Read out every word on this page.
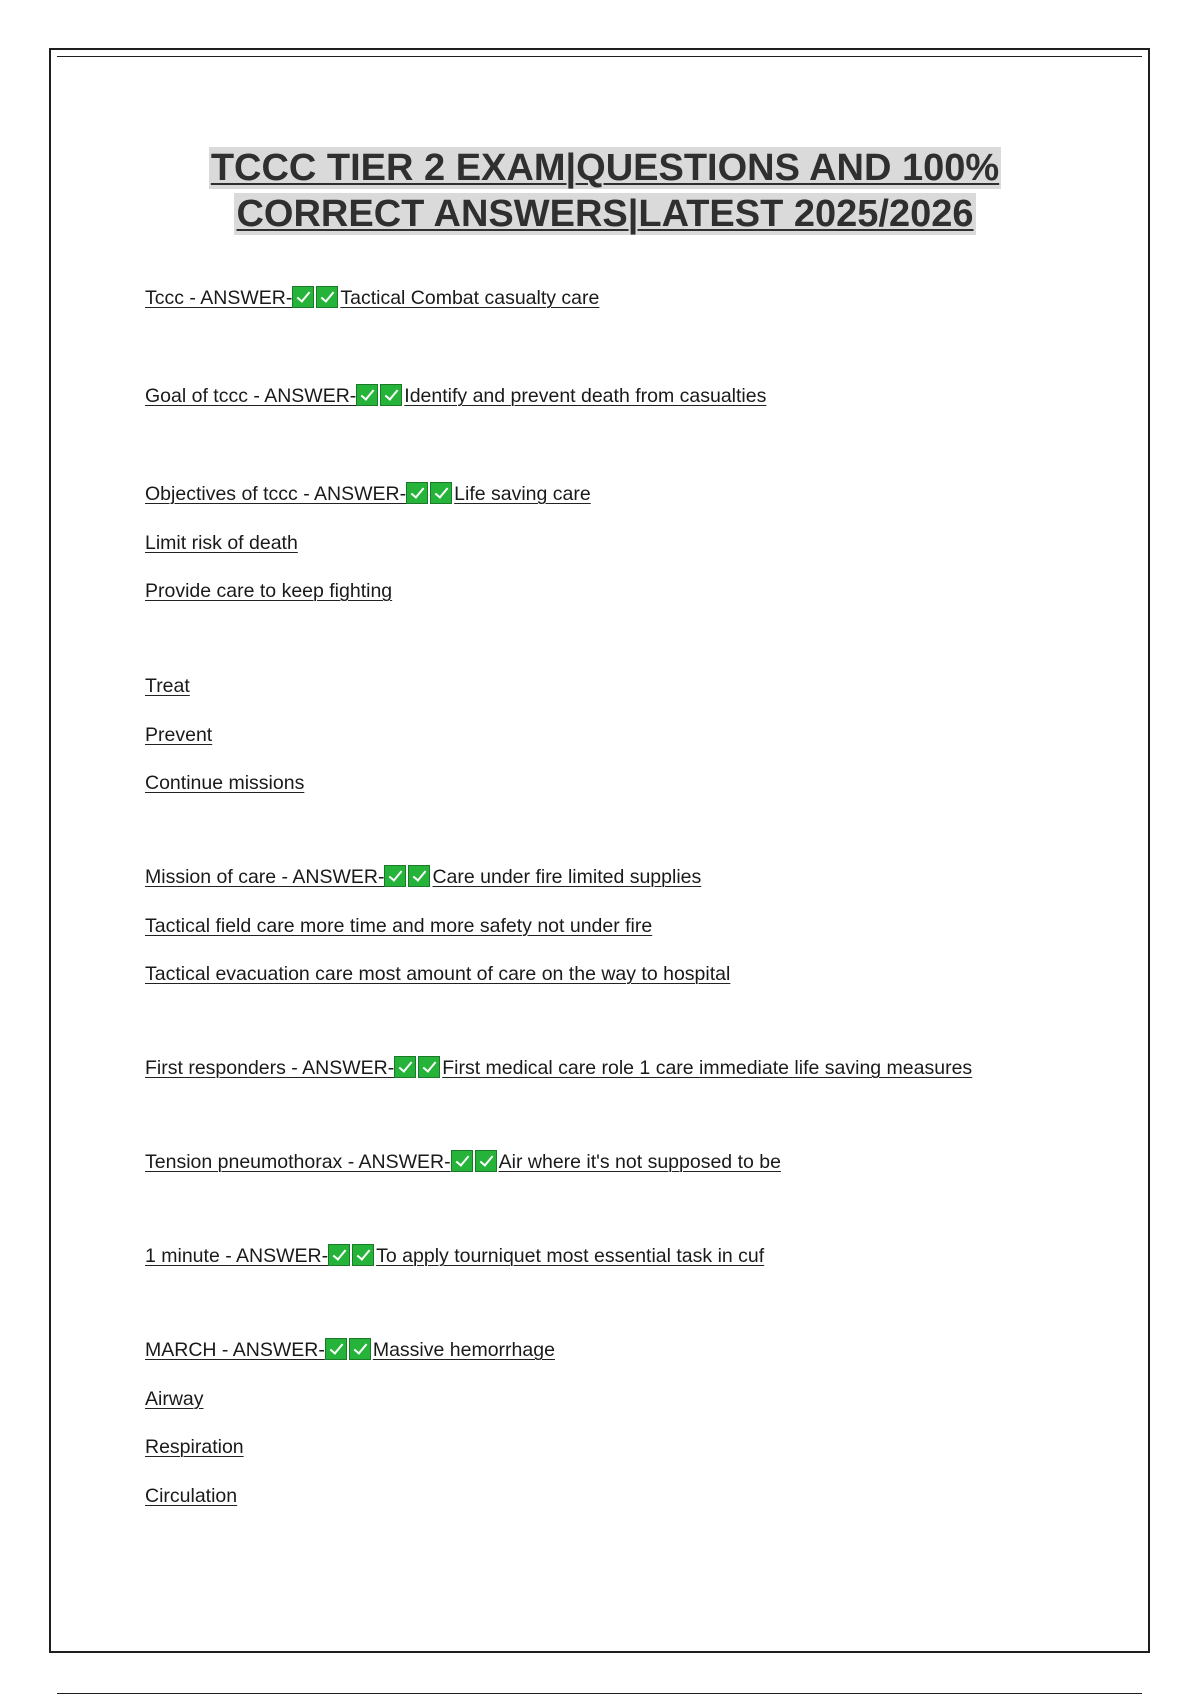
TCCC TIER 2 EXAM|QUESTIONS AND 100%
CORRECT ANSWERS|LATEST 2025/2026
Tccc - ANSWER- Tactical Combat casualty care
Goal of tccc - ANSWER- Identify and prevent death from casualties
Objectives of tccc - ANSWER- Life saving care
Limit risk of death
Provide care to keep fighting
Treat
Prevent
Continue missions
Mission of care - ANSWER- Care under fire limited supplies
Tactical field care more time and more safety not under fire
Tactical evacuation care most amount of care on the way to hospital
First responders - ANSWER- First medical care role 1 care immediate life saving measures
Tension pneumothorax - ANSWER- Air where it's not supposed to be
1 minute - ANSWER- To apply tourniquet most essential task in cuf
MARCH - ANSWER- Massive hemorrhage
Airway
Respiration
Circulation
